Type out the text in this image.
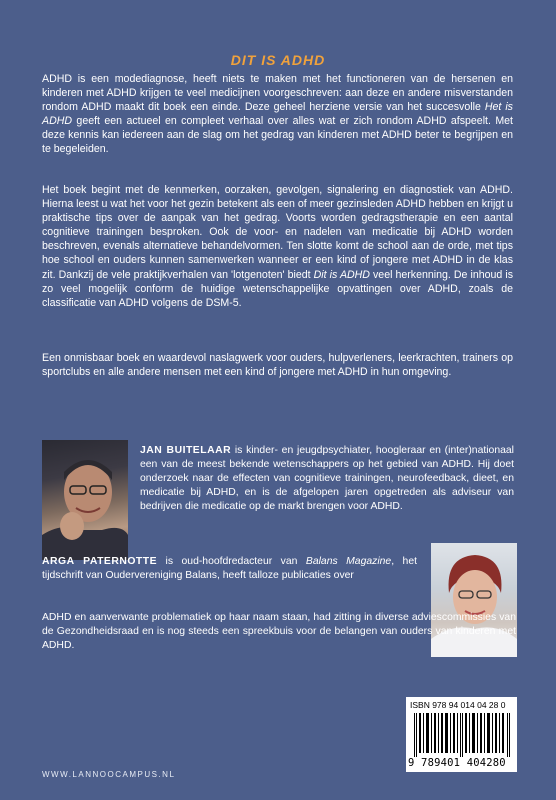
DIT IS ADHD
ADHD is een modediagnose, heeft niets te maken met het functioneren van de hersenen en kinderen met ADHD krijgen te veel medicijnen voorgeschreven: aan deze en andere misverstanden rondom ADHD maakt dit boek een einde. Deze geheel herziene versie van het succesvolle Het is ADHD geeft een actueel en compleet verhaal over alles wat er zich rondom ADHD afspeelt. Met deze kennis kan iedereen aan de slag om het gedrag van kinderen met ADHD beter te begrijpen en te begeleiden.
Het boek begint met de kenmerken, oorzaken, gevolgen, signalering en diagnostiek van ADHD. Hierna leest u wat het voor het gezin betekent als een of meer gezinsleden ADHD hebben en krijgt u praktische tips over de aanpak van het gedrag. Voorts worden gedragstherapie en een aantal cognitieve trainingen besproken. Ook de voor- en nadelen van medicatie bij ADHD worden beschreven, evenals alternatieve behandelvormen. Ten slotte komt de school aan de orde, met tips hoe school en ouders kunnen samenwerken wanneer er een kind of jongere met ADHD in de klas zit. Dankzij de vele praktijkverhalen van 'lotgenoten' biedt Dit is ADHD veel herkenning. De inhoud is zo veel mogelijk conform de huidige wetenschappelijke opvattingen over ADHD, zoals de classificatie van ADHD volgens de DSM-5.
Een onmisbaar boek en waardevol naslagwerk voor ouders, hulpverleners, leerkrachten, trainers op sportclubs en alle andere mensen met een kind of jongere met ADHD in hun omgeving.
JAN BUITELAAR is kinder- en jeugdpsychiater, hoogleraar en (inter)nationaal een van de meest bekende wetenschappers op het gebied van ADHD. Hij doet onderzoek naar de effecten van cognitieve trainingen, neurofeedback, dieet, en medicatie bij ADHD, en is de afgelopen jaren opgetreden als adviseur van bedrijven die medicatie op de markt brengen voor ADHD.
ARGA PATERNOTTE is oud-hoofdredacteur van Balans Magazine, het tijdschrift van Oudervereniging Balans, heeft talloze publicaties over
ADHD en aanverwante problematiek op haar naam staan, had zitting in diverse adviescommissies van de Gezondheidsraad en is nog steeds een spreekbuis voor de belangen van ouders van kinderen met ADHD.
ISBN 978 94 014 04 28 0
9 789401 404280
WWW.LANNOOCAMPUS.NL
